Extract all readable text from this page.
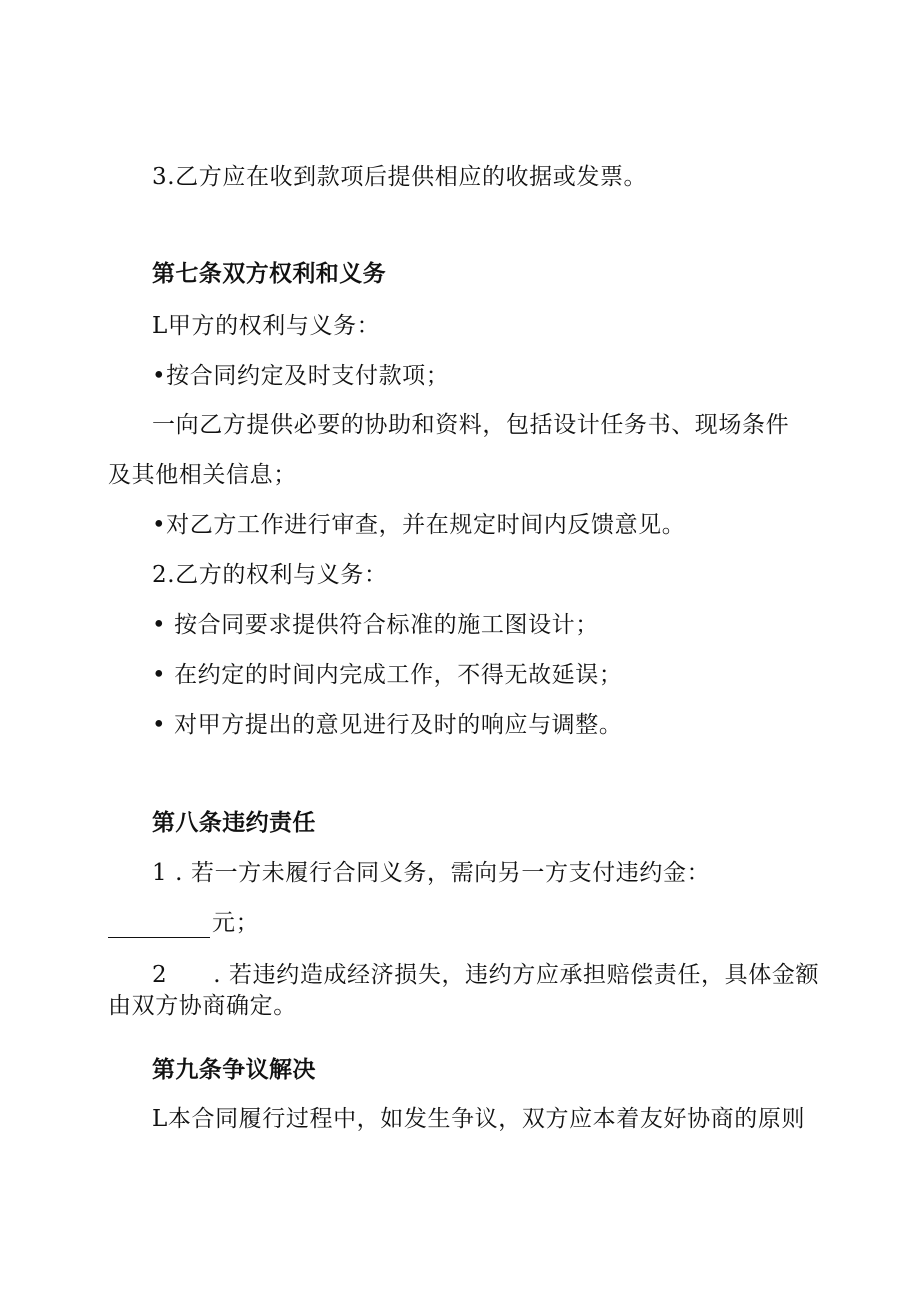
3.乙方应在收到款项后提供相应的收据或发票。
第七条双方权利和义务
L甲方的权利与义务：
•按合同约定及时支付款项；
一向乙方提供必要的协助和资料，包括设计任务书、现场条件
及其他相关信息；
•对乙方工作进行审查，并在规定时间内反馈意见。
2.乙方的权利与义务：
• 按合同要求提供符合标准的施工图设计；
• 在约定的时间内完成工作，不得无故延误；
• 对甲方提出的意见进行及时的响应与调整。
第八条违约责任
1 . 若一方未履行合同义务，需向另一方支付违约金：
元；
2 . 若违约造成经济损失，违约方应承担赔偿责任，具体金额
由双方协商确定。
第九条争议解决
L本合同履行过程中，如发生争议，双方应本着友好协商的原则
